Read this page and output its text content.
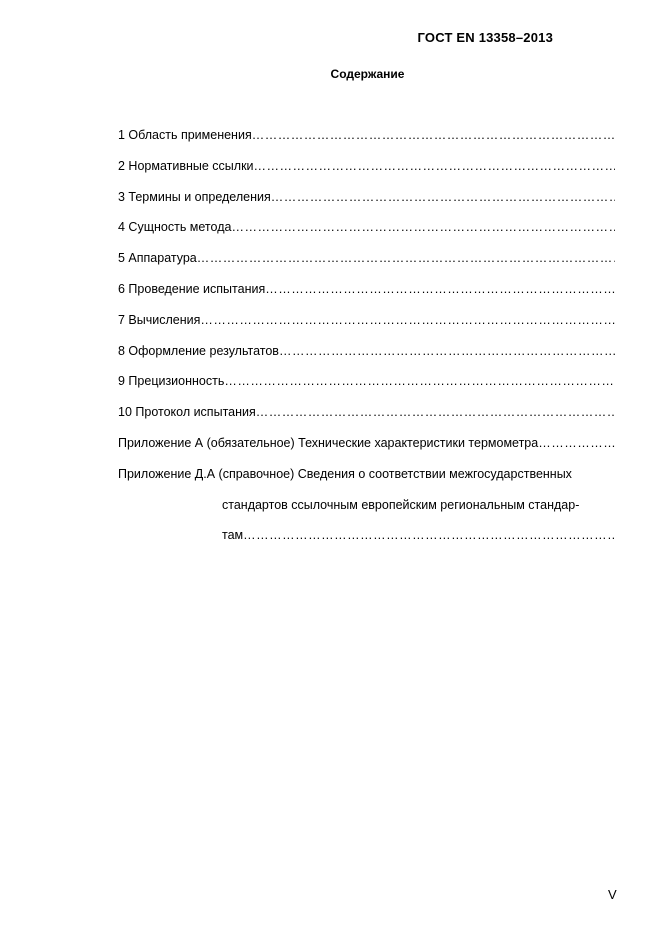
ГОСТ EN 13358–2013
Содержание
1 Область применения
……………………………………………………………………………………………………………………………………
2 Нормативные ссылки
……………………………………………………………………………………………………………………………………
3 Термины и определения
……………………………………………………………………………………………………………………………………
4 Сущность метода
……………………………………………………………………………………………………………………………………
5 Аппаратура
……………………………………………………………………………………………………………………………………
6 Проведение испытания
……………………………………………………………………………………………………………………………………
7 Вычисления
……………………………………………………………………………………………………………………………………
8 Оформление результатов
……………………………………………………………………………………………………………………………………
9 Прецизионность
……………………………………………………………………………………………………………………………………
10 Протокол испытания
……………………………………………………………………………………………………………………………………
Приложение А (обязательное) Технические характеристики термометра
……………………………………………………………………………………………………………………………………
Приложение Д.А (справочное) Сведения о соответствии межгосударственных
стандартов ссылочным европейским региональным стандар-
там
……………………………………………………………………………………………………………………………………
V
